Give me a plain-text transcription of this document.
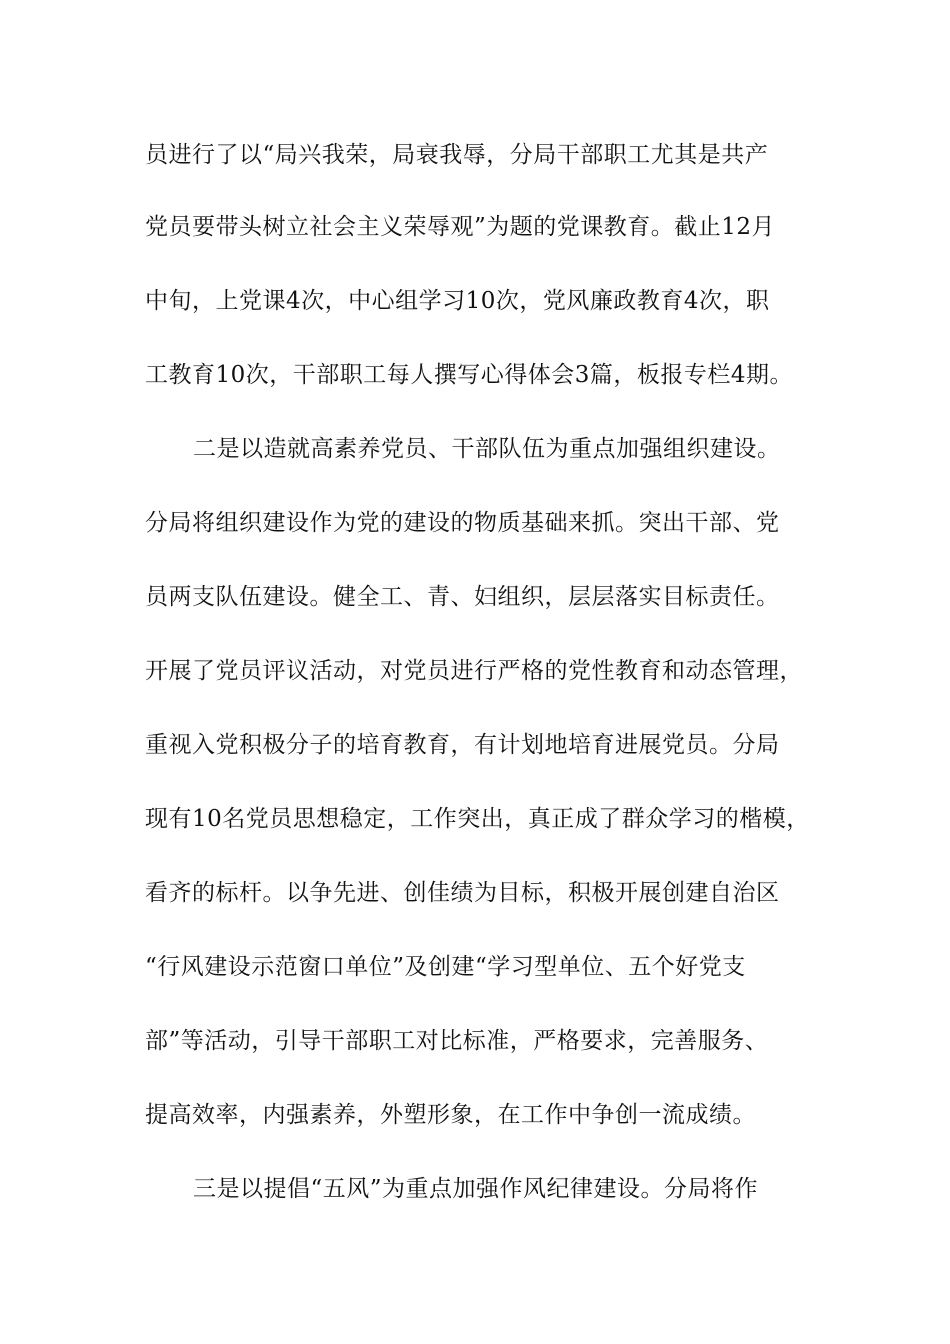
员进行了以“局兴我荣，局衰我辱，分局干部职工尤其是共产
党员要带头树立社会主义荣辱观”为题的党课教育。截止12月
中旬，上党课4次，中心组学习10次，党风廉政教育4次，职
工教育10次，干部职工每人撰写心得体会3篇，板报专栏4期。
二是以造就高素养党员、干部队伍为重点加强组织建设。
分局将组织建设作为党的建设的物质基础来抓。突出干部、党
员两支队伍建设。健全工、青、妇组织，层层落实目标责任。
开展了党员评议活动，对党员进行严格的党性教育和动态管理，
重视入党积极分子的培育教育，有计划地培育进展党员。分局
现有10名党员思想稳定，工作突出，真正成了群众学习的楷模，
看齐的标杆。以争先进、创佳绩为目标，积极开展创建自治区
“行风建设示范窗口单位”及创建“学习型单位、五个好党支
部”等活动，引导干部职工对比标准，严格要求，完善服务、
提高效率，内强素养，外塑形象，在工作中争创一流成绩。
三是以提倡“五风”为重点加强作风纪律建设。分局将作
